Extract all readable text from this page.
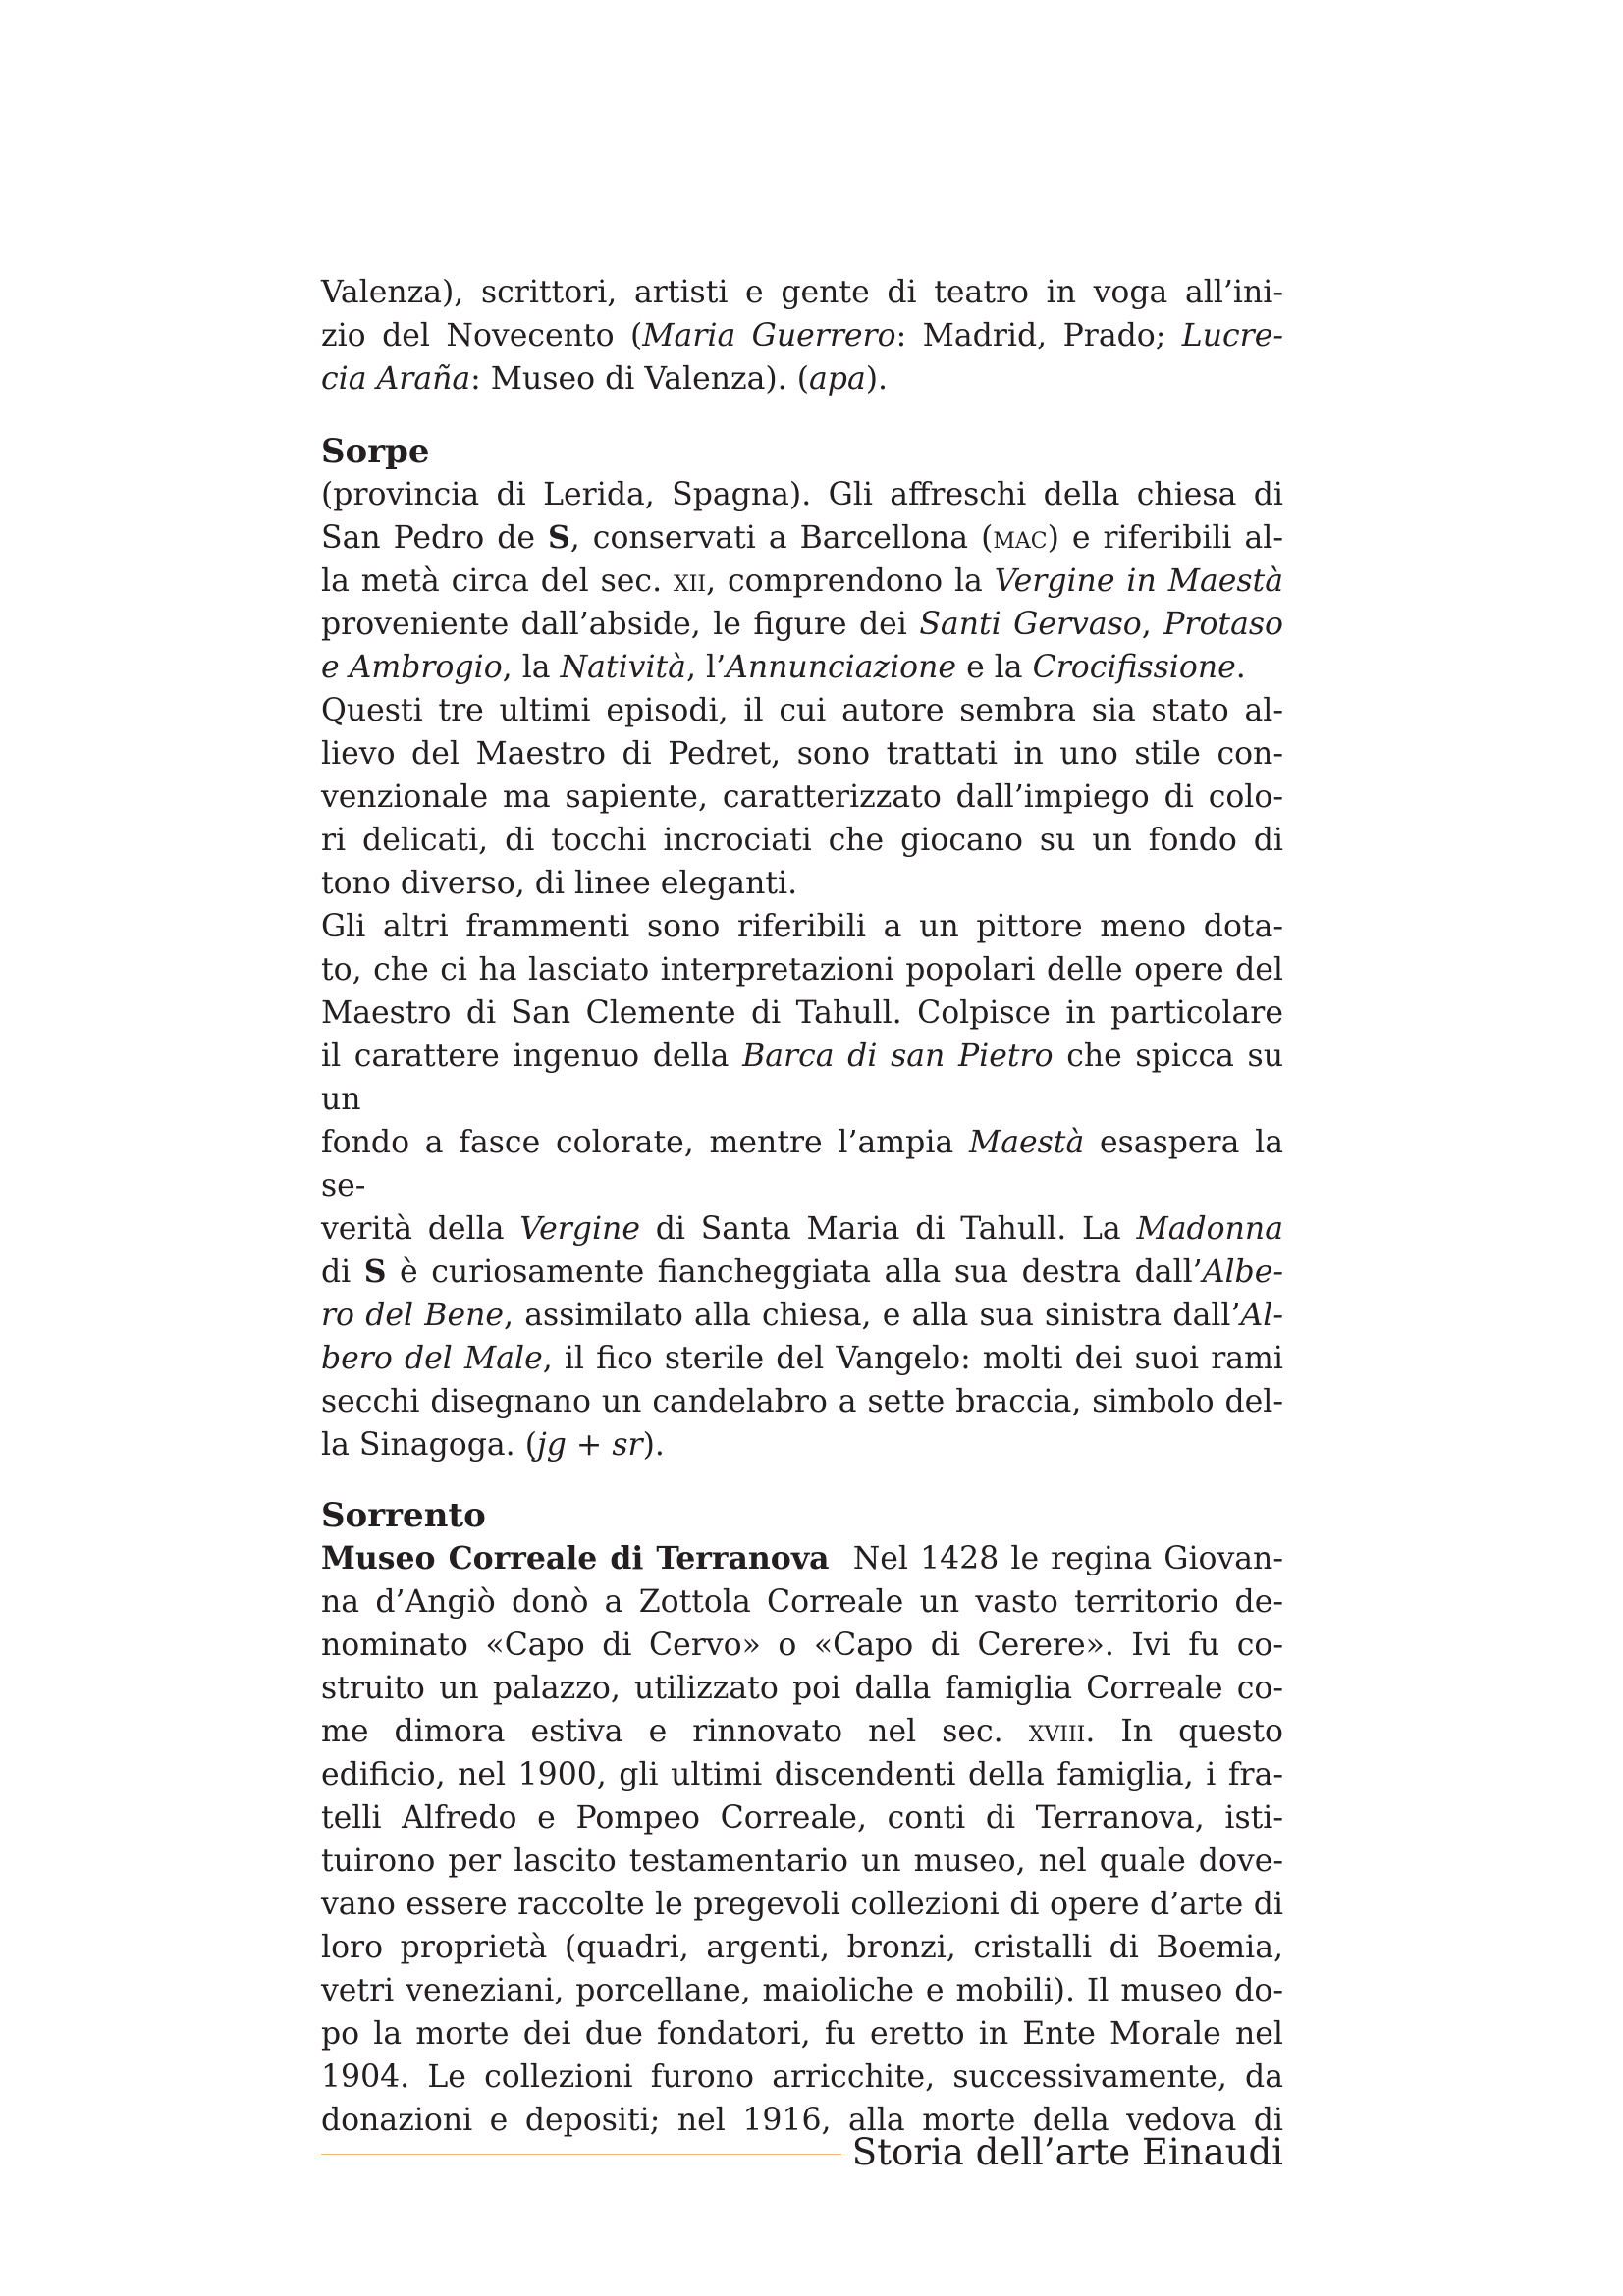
Valenza), scrittori, artisti e gente di teatro in voga all’ini-

zio del Novecento (Maria Guerrero: Madrid, Prado; Lucre-

cia Araña: Museo di Valenza). (apa).

Sorpe

(provincia di Lerida, Spagna). Gli affreschi della chiesa di

San Pedro de S, conservati a Barcellona (mac) e riferibili al-

la metà circa del sec. xii, comprendono la Vergine in Maestà

proveniente dall’abside, le figure dei Santi Gervaso, Protaso

e Ambrogio, la Natività, l’Annunciazione e la Crocifissione.

Questi tre ultimi episodi, il cui autore sembra sia stato al-

lievo del Maestro di Pedret, sono trattati in uno stile con-

venzionale ma sapiente, caratterizzato dall’impiego di colo-

ri delicati, di tocchi incrociati che giocano su un fondo di

tono diverso, di linee eleganti.

Gli altri frammenti sono riferibili a un pittore meno dota-

to, che ci ha lasciato interpretazioni popolari delle opere del

Maestro di San Clemente di Tahull. Colpisce in particolare

il carattere ingenuo della Barca di san Pietro che spicca su un

fondo a fasce colorate, mentre l’ampia Maestà esaspera la se-

verità della Vergine di Santa Maria di Tahull. La Madonna

di S è curiosamente fiancheggiata alla sua destra dall’Albe-

ro del Bene, assimilato alla chiesa, e alla sua sinistra dall’Al-

bero del Male, il fico sterile del Vangelo: molti dei suoi rami

secchi disegnano un candelabro a sette braccia, simbolo del-

la Sinagoga. (jg + sr).

Sorrento

Museo Correale di Terranova  Nel 1428 le regina Giovan-

na d’Angiò donò a Zottola Correale un vasto territorio de-

nominato «Capo di Cervo» o «Capo di Cerere». Ivi fu co-

struito un palazzo, utilizzato poi dalla famiglia Correale co-

me dimora estiva e rinnovato nel sec. xviii. In questo

edificio, nel 1900, gli ultimi discendenti della famiglia, i fra-

telli Alfredo e Pompeo Correale, conti di Terranova, isti-

tuirono per lascito testamentario un museo, nel quale dove-

vano essere raccolte le pregevoli collezioni di opere d’arte di

loro proprietà (quadri, argenti, bronzi, cristalli di Boemia,

vetri veneziani, porcellane, maioliche e mobili). Il museo do-

po la morte dei due fondatori, fu eretto in Ente Morale nel

1904. Le collezioni furono arricchite, successivamente, da

donazioni e depositi; nel 1916, alla morte della vedova di

Storia dell’arte Einaudi
